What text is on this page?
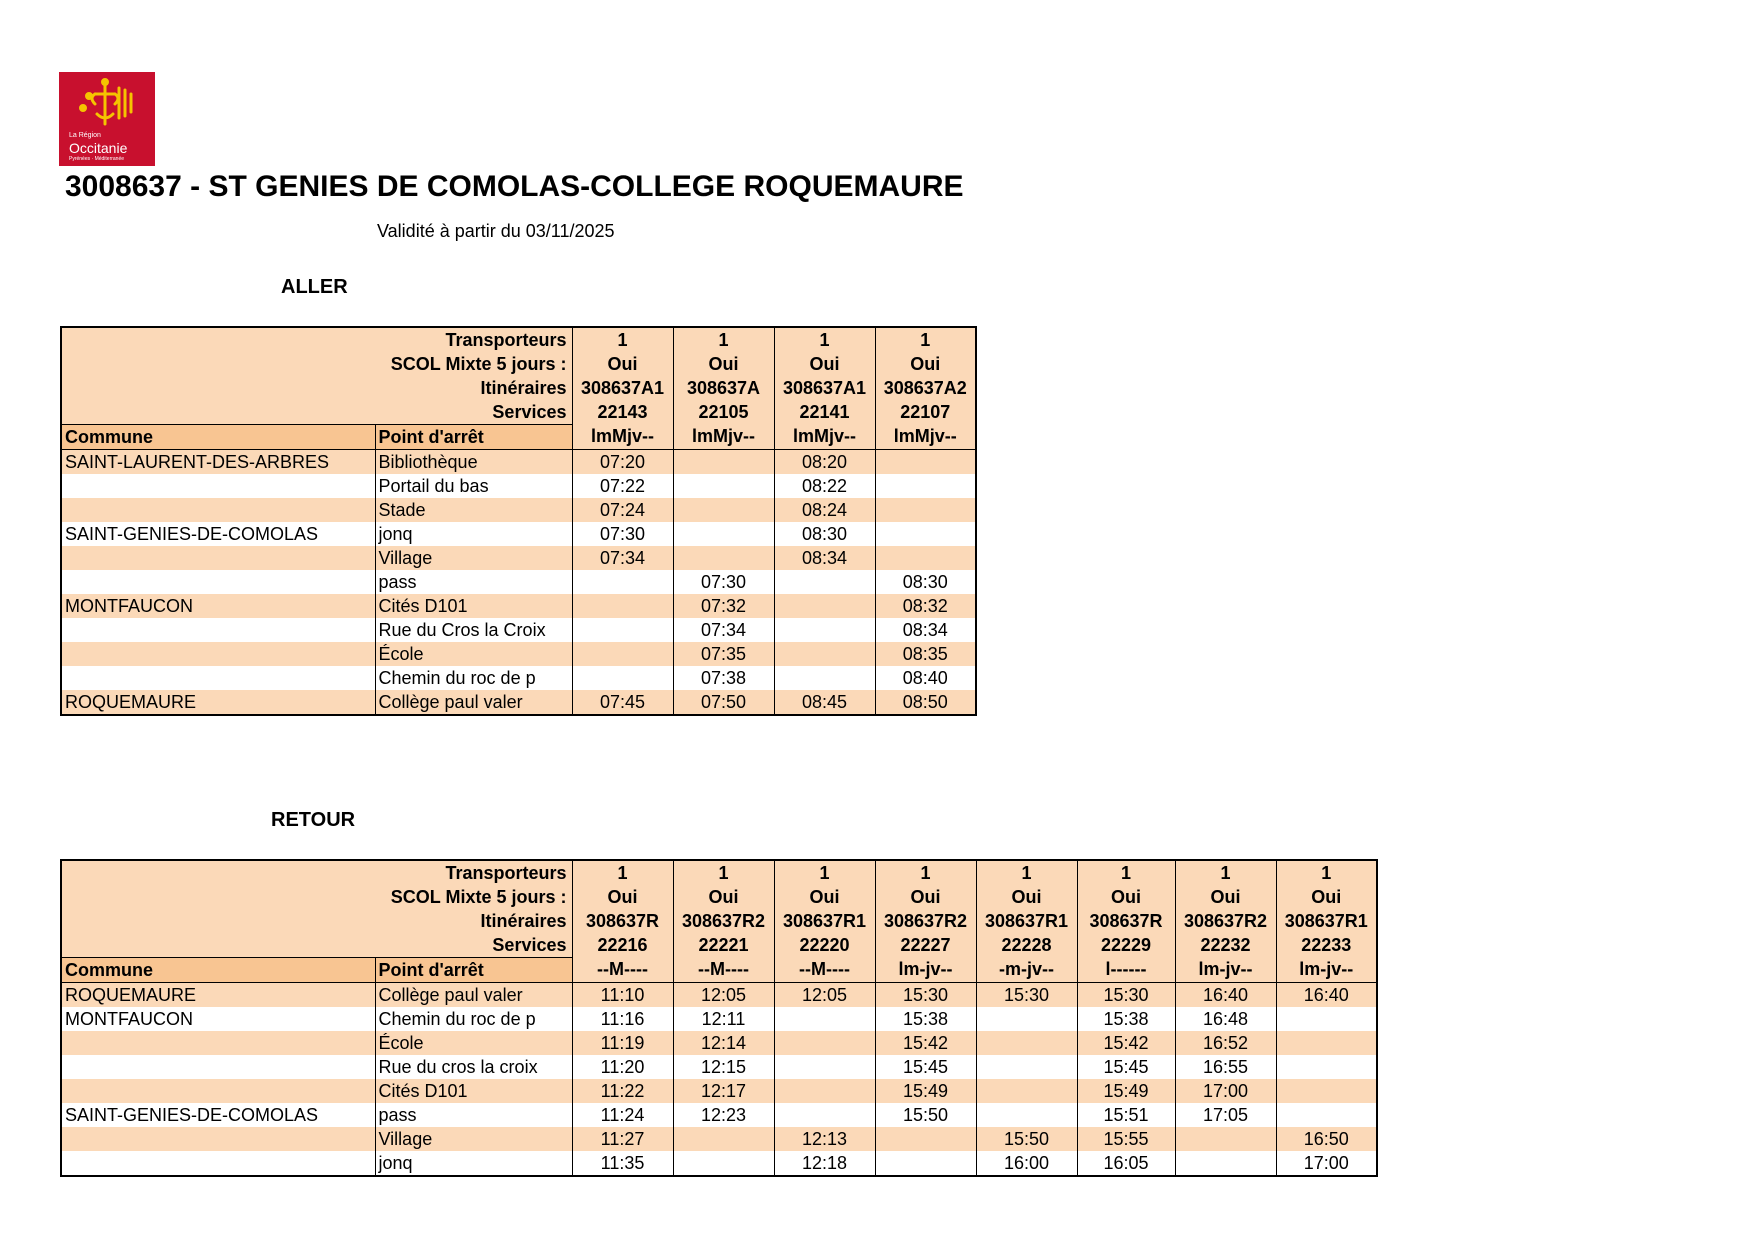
La Région
Occitanie
Pyrénées · Méditerranée
3008637 - ST GENIES DE COMOLAS-COLLEGE ROQUEMAURE
Validité à partir du 03/11/2025
ALLER
Transporteurs		1	1	1	1
SCOL Mixte 5 jours :		Oui	Oui	Oui	Oui
Itinéraires		308637A1	308637A	308637A1	308637A2
Services		22143	22105	22141	22107
Commune	Point d'arrêt	lmMjv--	lmMjv--	lmMjv--	lmMjv--
SAINT-LAURENT-DES-ARBRES	Bibliothèque	07:20		08:20	
	Portail du bas	07:22		08:22	
	Stade	07:24		08:24	
SAINT-GENIES-DE-COMOLAS	jonq	07:30		08:30	
	Village	07:34		08:34	
	pass		07:30		08:30
MONTFAUCON	Cités D101		07:32		08:32
	Rue du Cros la Croix		07:34		08:34
	École		07:35		08:35
	Chemin du roc de p		07:38		08:40
ROQUEMAURE	Collège paul valer	07:45	07:50	08:45	08:50
RETOUR
Transporteurs		1	1	1	1	1	1	1	1
SCOL Mixte 5 jours :		Oui	Oui	Oui	Oui	Oui	Oui	Oui	Oui
Itinéraires		308637R	308637R2	308637R1	308637R2	308637R1	308637R	308637R2	308637R1
Services		22216	22221	22220	22227	22228	22229	22232	22233
Commune	Point d'arrêt	--M----	--M----	--M----	lm-jv--	-m-jv--	l------	lm-jv--	lm-jv--
ROQUEMAURE	Collège paul valer	11:10	12:05	12:05	15:30	15:30	15:30	16:40	16:40
MONTFAUCON	Chemin du roc de p	11:16	12:11		15:38		15:38	16:48	
	École	11:19	12:14		15:42		15:42	16:52	
	Rue du cros la croix	11:20	12:15		15:45		15:45	16:55	
	Cités D101	11:22	12:17		15:49		15:49	17:00	
SAINT-GENIES-DE-COMOLAS	pass	11:24	12:23		15:50		15:51	17:05	
	Village	11:27		12:13		15:50	15:55		16:50
	jonq	11:35		12:18		16:00	16:05		17:00
